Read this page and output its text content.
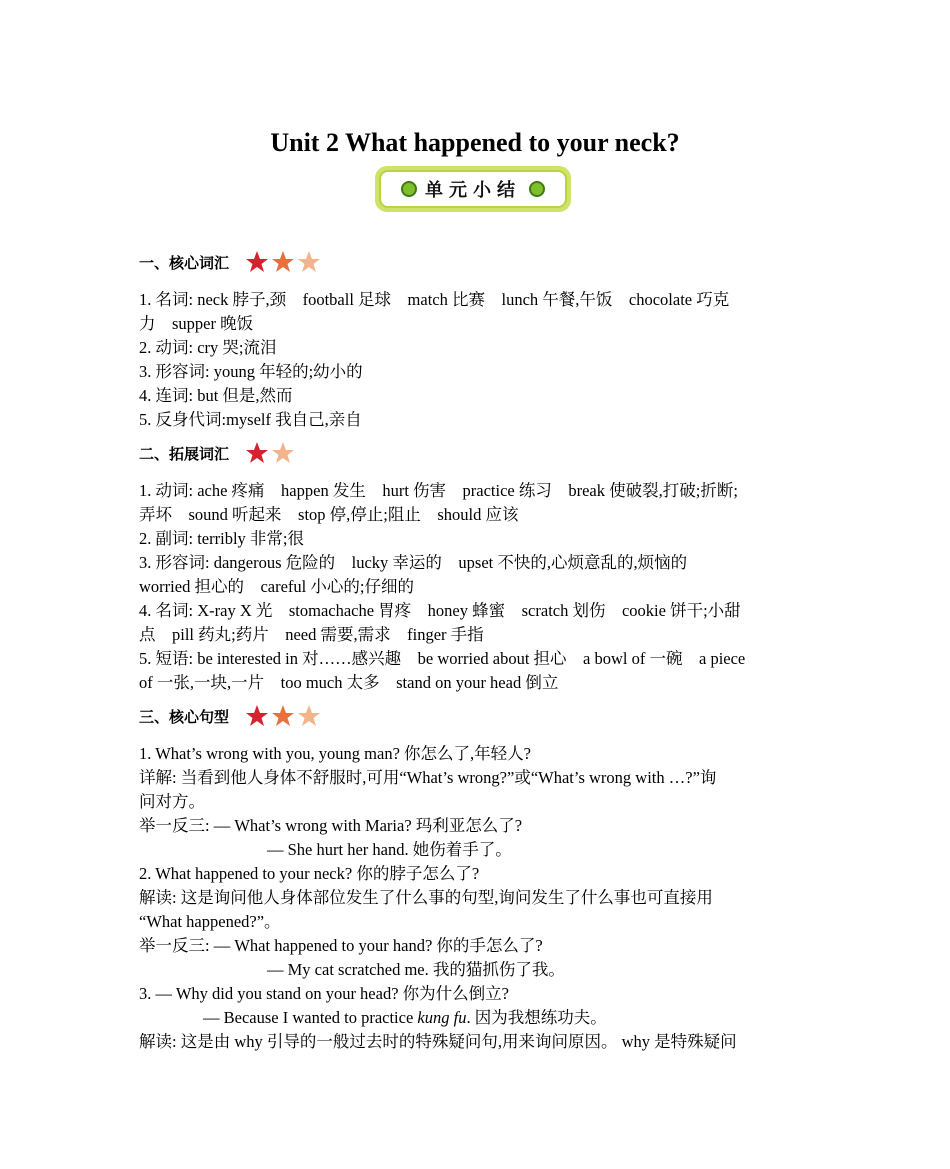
Unit 2 What happened to your neck?
单元小结
一、核心词汇
1. 名词: neck 脖子,颈　football 足球　match 比赛　lunch 午餐,午饭　chocolate 巧克
力　supper 晚饭
2. 动词: cry 哭;流泪
3. 形容词: young 年轻的;幼小的
4. 连词: but 但是,然而
5. 反身代词:myself 我自己,亲自
二、拓展词汇
1. 动词: ache 疼痛　happen 发生　hurt 伤害　practice 练习　break 使破裂,打破;折断;
弄坏　sound 听起来　stop 停,停止;阻止　should 应该
2. 副词: terribly 非常;很
3. 形容词: dangerous 危险的　lucky 幸运的　upset 不快的,心烦意乱的,烦恼的
worried 担心的　careful 小心的;仔细的
4. 名词: X-ray X 光　stomachache 胃疼　honey 蜂蜜　scratch 划伤　cookie 饼干;小甜
点　pill 药丸;药片　need 需要,需求　finger 手指
5. 短语: be interested in 对……感兴趣　be worried about 担心　a bowl of 一碗　a piece
of 一张,一块,一片　too much 太多　stand on your head 倒立
三、核心句型
1. What’s wrong with you, young man? 你怎么了,年轻人?
详解: 当看到他人身体不舒服时,可用“What’s wrong?”或“What’s wrong with …?”询
问对方。
举一反三: — What’s wrong with Maria? 玛利亚怎么了?
— She hurt her hand. 她伤着手了。
2. What happened to your neck? 你的脖子怎么了?
解读: 这是询问他人身体部位发生了什么事的句型,询问发生了什么事也可直接用
“What happened?”。
举一反三: — What happened to your hand? 你的手怎么了?
— My cat scratched me. 我的猫抓伤了我。
3. — Why did you stand on your head? 你为什么倒立?
— Because I wanted to practice kung fu. 因为我想练功夫。
解读: 这是由 why 引导的一般过去时的特殊疑问句,用来询问原因。 why 是特殊疑问
